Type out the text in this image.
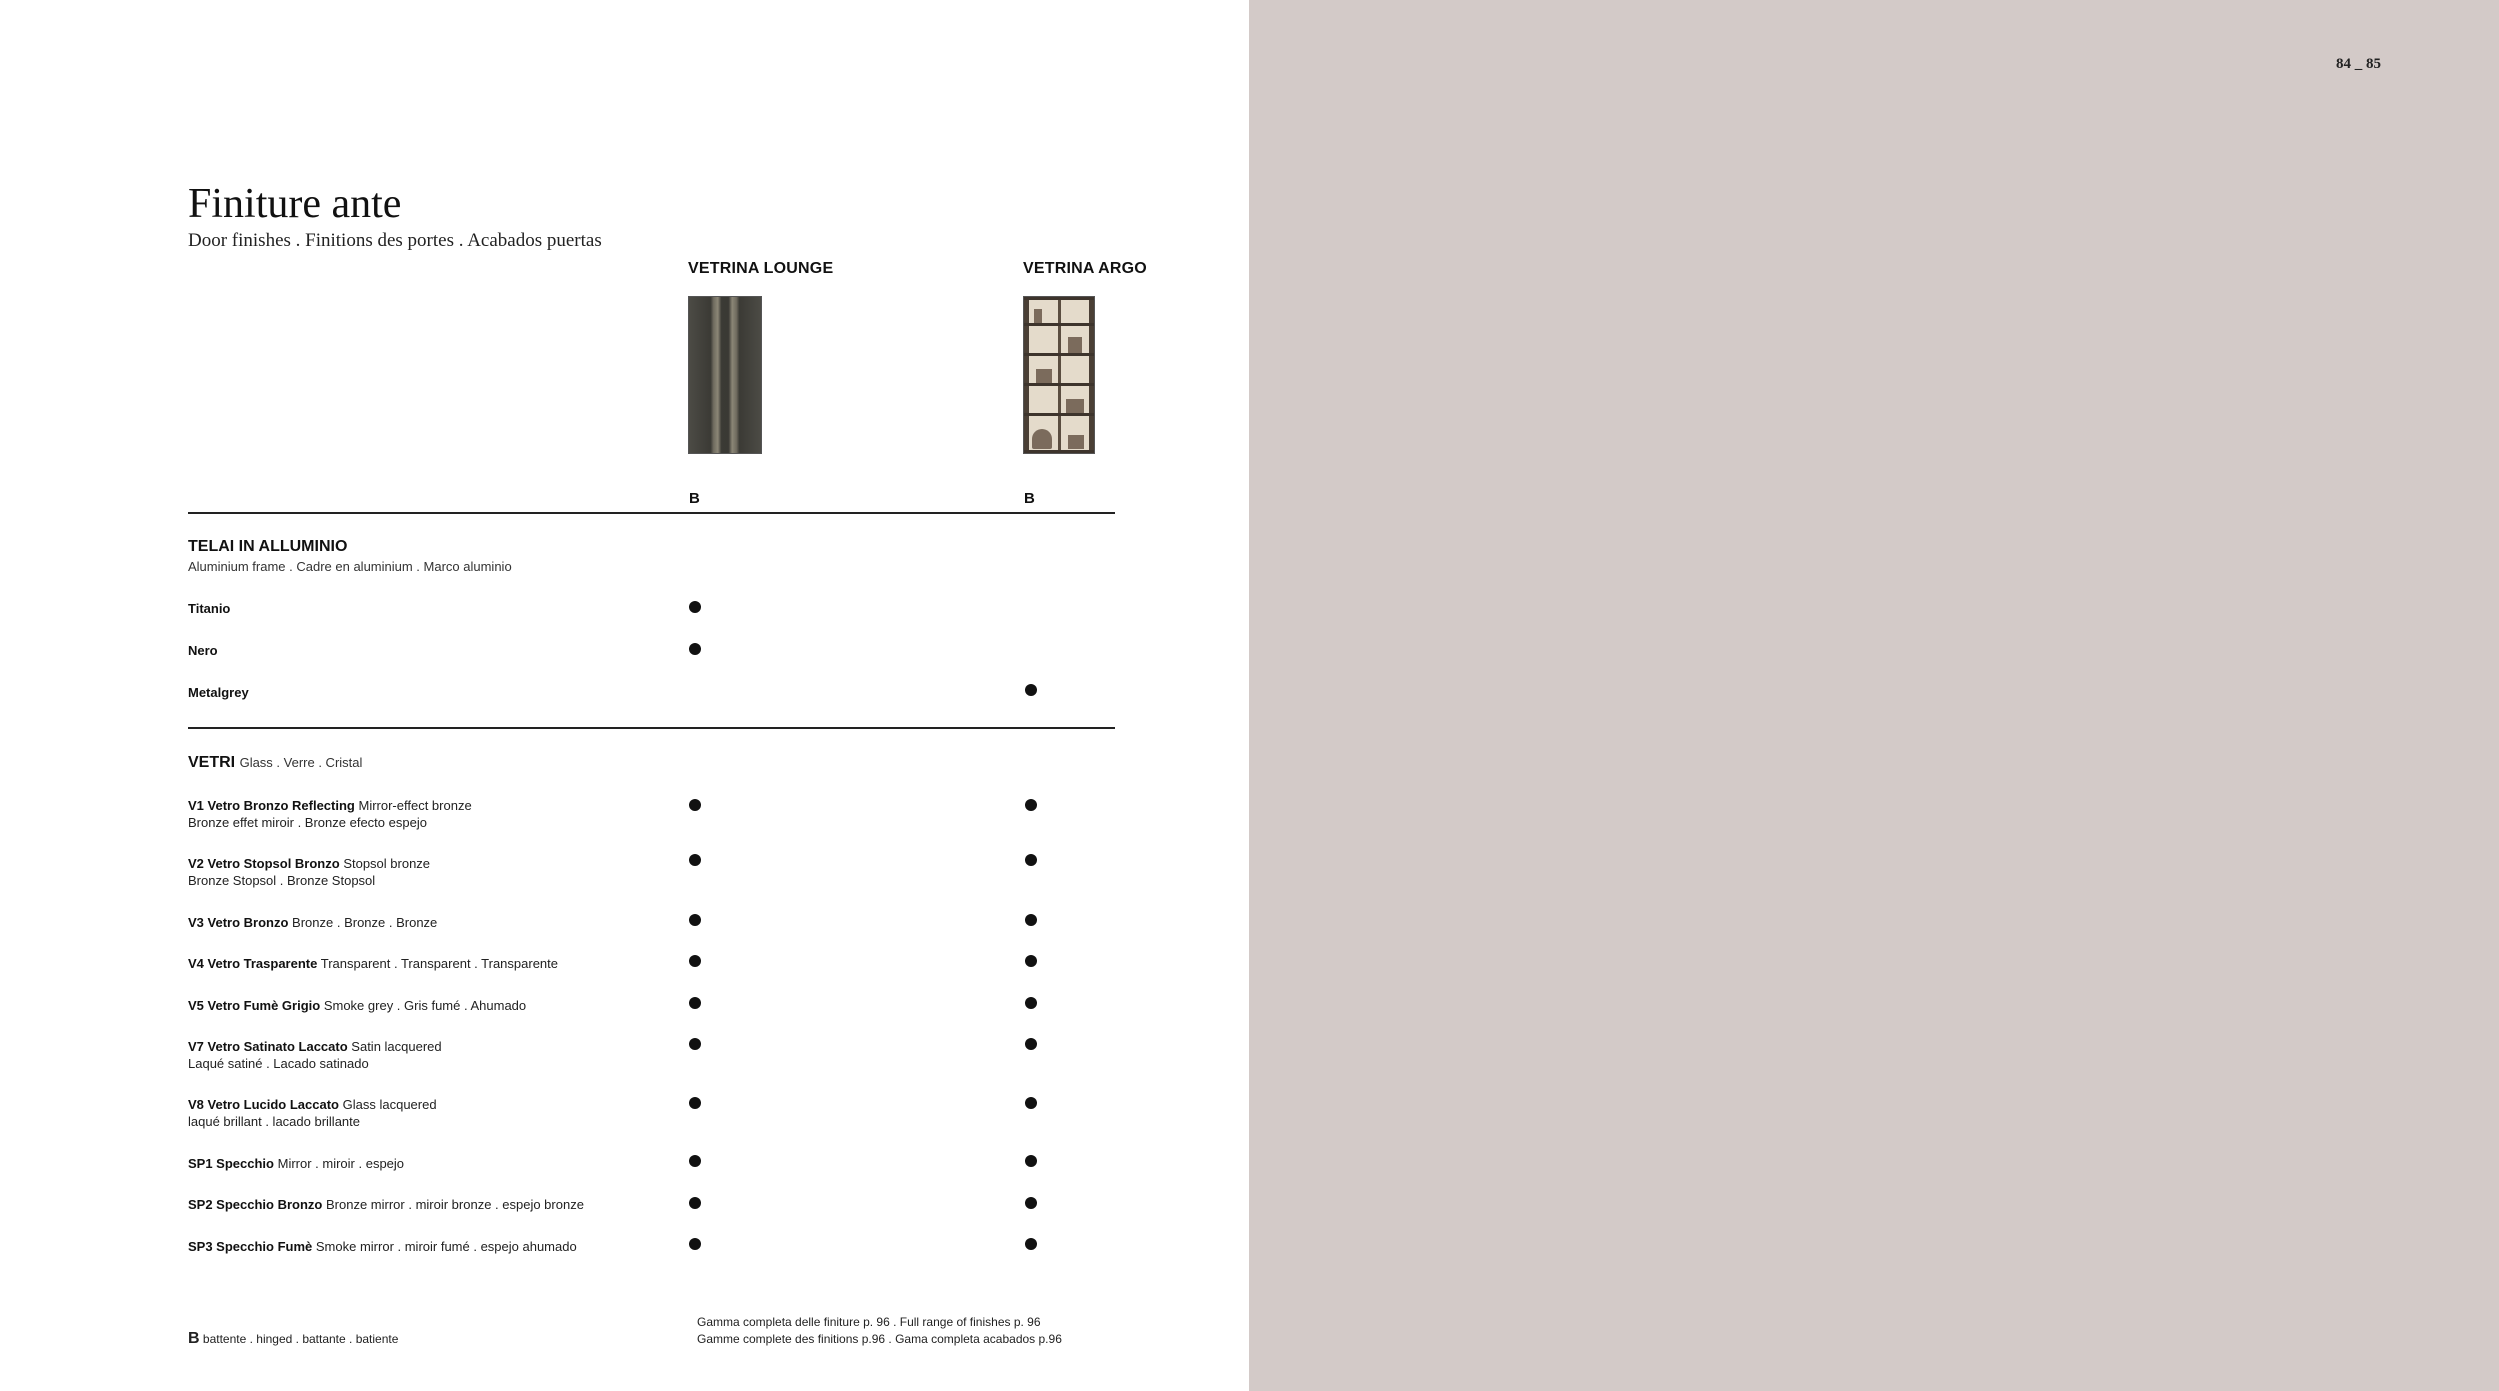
84 _ 85
Finiture ante
Door finishes . Finitions des portes . Acabados puertas
VETRINA LOUNGE	VETRINA ARGO
B	B
TELAI IN ALLUMINIO
Aluminium frame . Cadre en aluminium . Marco aluminio
Titanio
Nero
Metalgrey
VETRI Glass . Verre . Cristal
V1 Vetro Bronzo Reflecting Mirror-effect bronze
Bronze effet miroir . Bronze efecto espejo
V2 Vetro Stopsol Bronzo Stopsol bronze
Bronze Stopsol . Bronze Stopsol
V3 Vetro Bronzo Bronze . Bronze . Bronze
V4 Vetro Trasparente Transparent . Transparent . Transparente
V5 Vetro Fumè Grigio Smoke grey . Gris fumé . Ahumado
V7 Vetro Satinato Laccato Satin lacquered
Laqué satiné . Lacado satinado
V8 Vetro Lucido Laccato Glass lacquered
laqué brillant . lacado brillante
SP1 Specchio Mirror . miroir . espejo
SP2 Specchio Bronzo Bronze mirror . miroir bronze . espejo bronze
SP3 Specchio Fumè Smoke mirror . miroir fumé . espejo ahumado
B battente . hinged . battante . batiente
Gamma completa delle finiture p. 96 . Full range of finishes p. 96
Gamme complete des finitions p.96 . Gama completa acabados p.96
